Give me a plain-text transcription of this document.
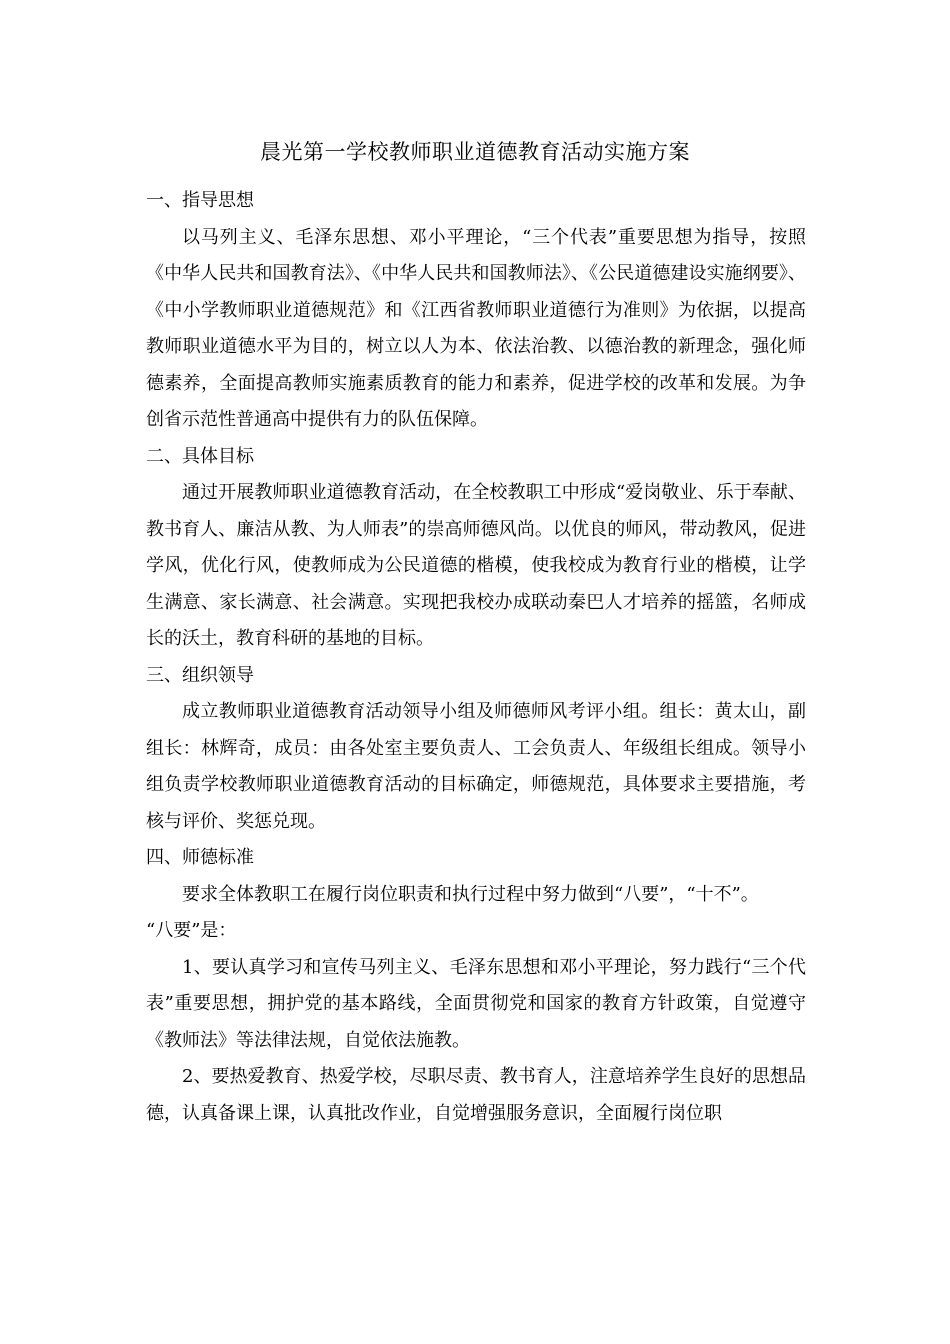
晨光第一学校教师职业道德教育活动实施方案

一、指导思想

以马列主义、毛泽东思想、邓小平理论，“三个代表”重要思想为指导，按照《中华人民共和国教育法》、《中华人民共和国教师法》、《公民道德建设实施纲要》、《中小学教师职业道德规范》和《江西省教师职业道德行为准则》为依据，以提高教师职业道德水平为目的，树立以人为本、依法治教、以德治教的新理念，强化师德素养，全面提高教师实施素质教育的能力和素养，促进学校的改革和发展。为争创省示范性普通高中提供有力的队伍保障。

二、具体目标

通过开展教师职业道德教育活动，在全校教职工中形成“爱岗敬业、乐于奉献、教书育人、廉洁从教、为人师表”的崇高师德风尚。以优良的师风，带动教风，促进学风，优化行风，使教师成为公民道德的楷模，使我校成为教育行业的楷模，让学生满意、家长满意、社会满意。实现把我校办成联动秦巴人才培养的摇篮，名师成长的沃土，教育科研的基地的目标。

三、组织领导

成立教师职业道德教育活动领导小组及师德师风考评小组。组长：黄太山，副组长：林辉奇，成员：由各处室主要负责人、工会负责人、年级组长组成。领导小组负责学校教师职业道德教育活动的目标确定，师德规范，具体要求主要措施，考核与评价、奖惩兑现。

四、师德标准

要求全体教职工在履行岗位职责和执行过程中努力做到“八要”，“十不”。

“八要”是：

1、要认真学习和宣传马列主义、毛泽东思想和邓小平理论，努力践行“三个代表”重要思想，拥护党的基本路线，全面贯彻党和国家的教育方针政策，自觉遵守《教师法》等法律法规，自觉依法施教。

2、要热爱教育、热爱学校，尽职尽责、教书育人，注意培养学生良好的思想品德，认真备课上课，认真批改作业，自觉增强服务意识，全面履行岗位职
